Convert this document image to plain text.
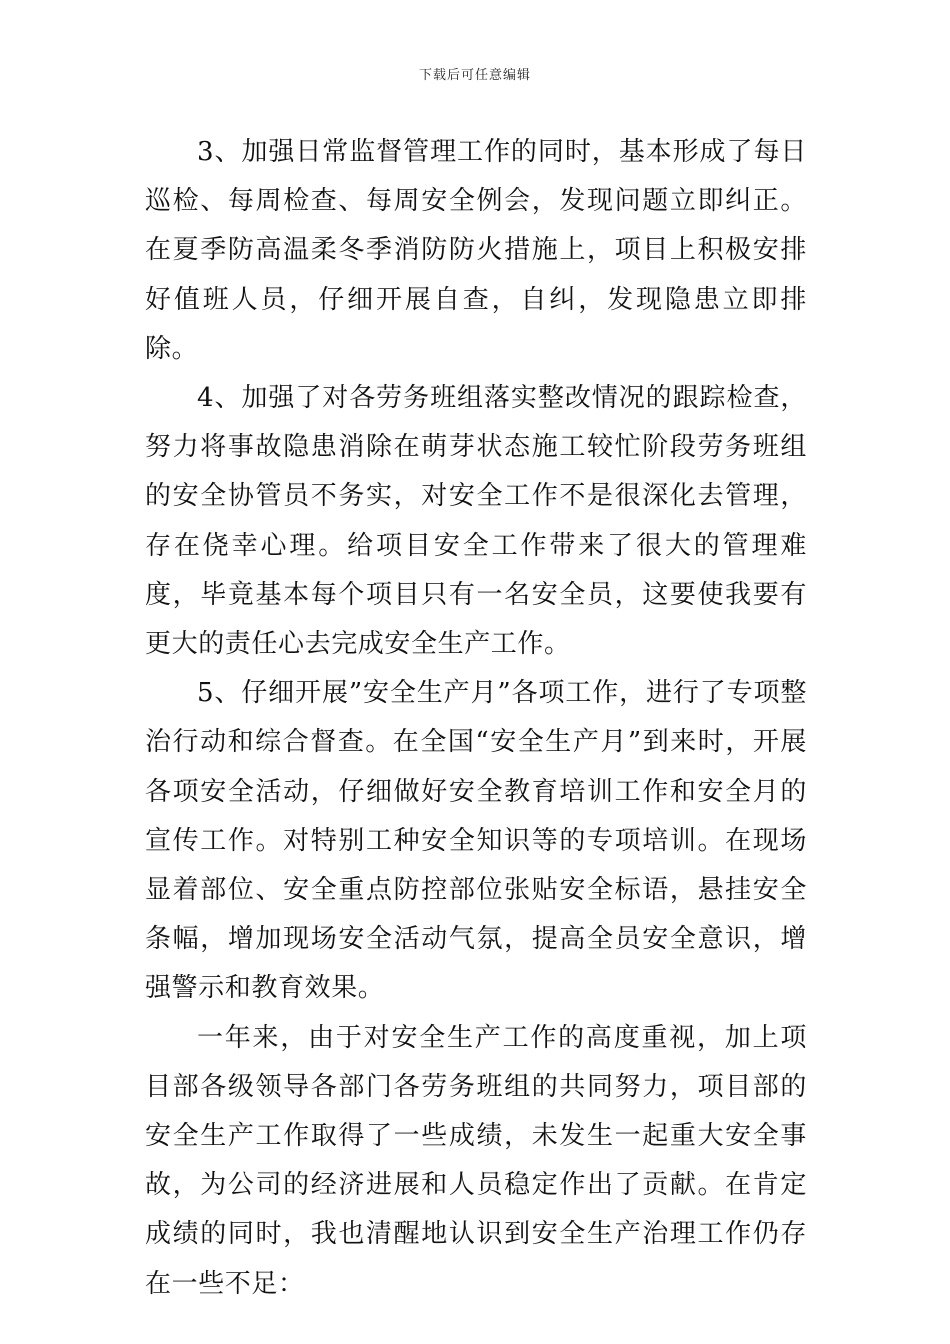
下载后可任意编辑

3、加强日常监督管理工作的同时，基本形成了每日巡检、每周检查、每周安全例会，发现问题立即纠正。在夏季防高温柔冬季消防防火措施上，项目上积极安排好值班人员，仔细开展自查，自纠，发现隐患立即排除。

4、加强了对各劳务班组落实整改情况的跟踪检查，努力将事故隐患消除在萌芽状态施工较忙阶段劳务班组的安全协管员不务实，对安全工作不是很深化去管理，存在侥幸心理。给项目安全工作带来了很大的管理难度，毕竟基本每个项目只有一名安全员，这要使我要有更大的责任心去完成安全生产工作。

5、仔细开展”安全生产月”各项工作，进行了专项整治行动和综合督查。在全国“安全生产月”到来时，开展各项安全活动，仔细做好安全教育培训工作和安全月的宣传工作。对特别工种安全知识等的专项培训。在现场显着部位、安全重点防控部位张贴安全标语，悬挂安全条幅，增加现场安全活动气氛，提高全员安全意识，增强警示和教育效果。

一年来，由于对安全生产工作的高度重视，加上项目部各级领导各部门各劳务班组的共同努力，项目部的安全生产工作取得了一些成绩，未发生一起重大安全事故，为公司的经济进展和人员稳定作出了贡献。在肯定成绩的同时，我也清醒地认识到安全生产治理工作仍存在一些不足：
